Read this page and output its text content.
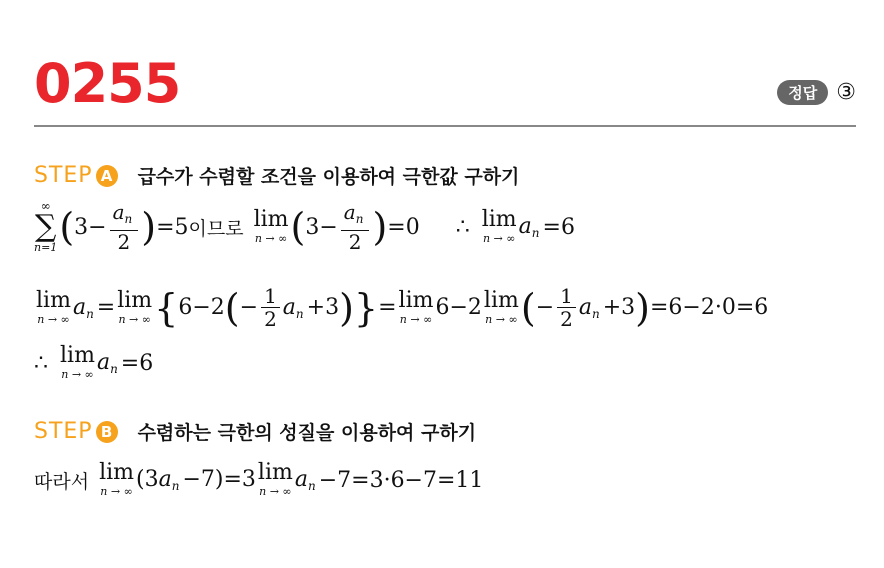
0255	정답 ③
STEP A 급수가 수렴할 조건을 이용하여 극한값 구하기
∞
∑
n=1 ( $3- \frac{a_n}{2}$ ) =5 이므로 lim
n → ∞ ( $3- \frac{a_n}{2}$ ) =0 ∴ lim
n → ∞ an =6
lim
n → ∞ an = lim
n → ∞ { 6−2 ( − $\frac{1}{2}$ an +3 ) } = lim
n → ∞ 6−2 lim
n → ∞ ( − $\frac{1}{2}$ an +3 ) =6−2·0=6
∴ lim
n → ∞ an =6
STEP B 수렴하는 극한의 성질을 이용하여 구하기
따라서 lim
n → ∞ (3an −7)=3 lim
n → ∞ an −7 =3·6−7=11
